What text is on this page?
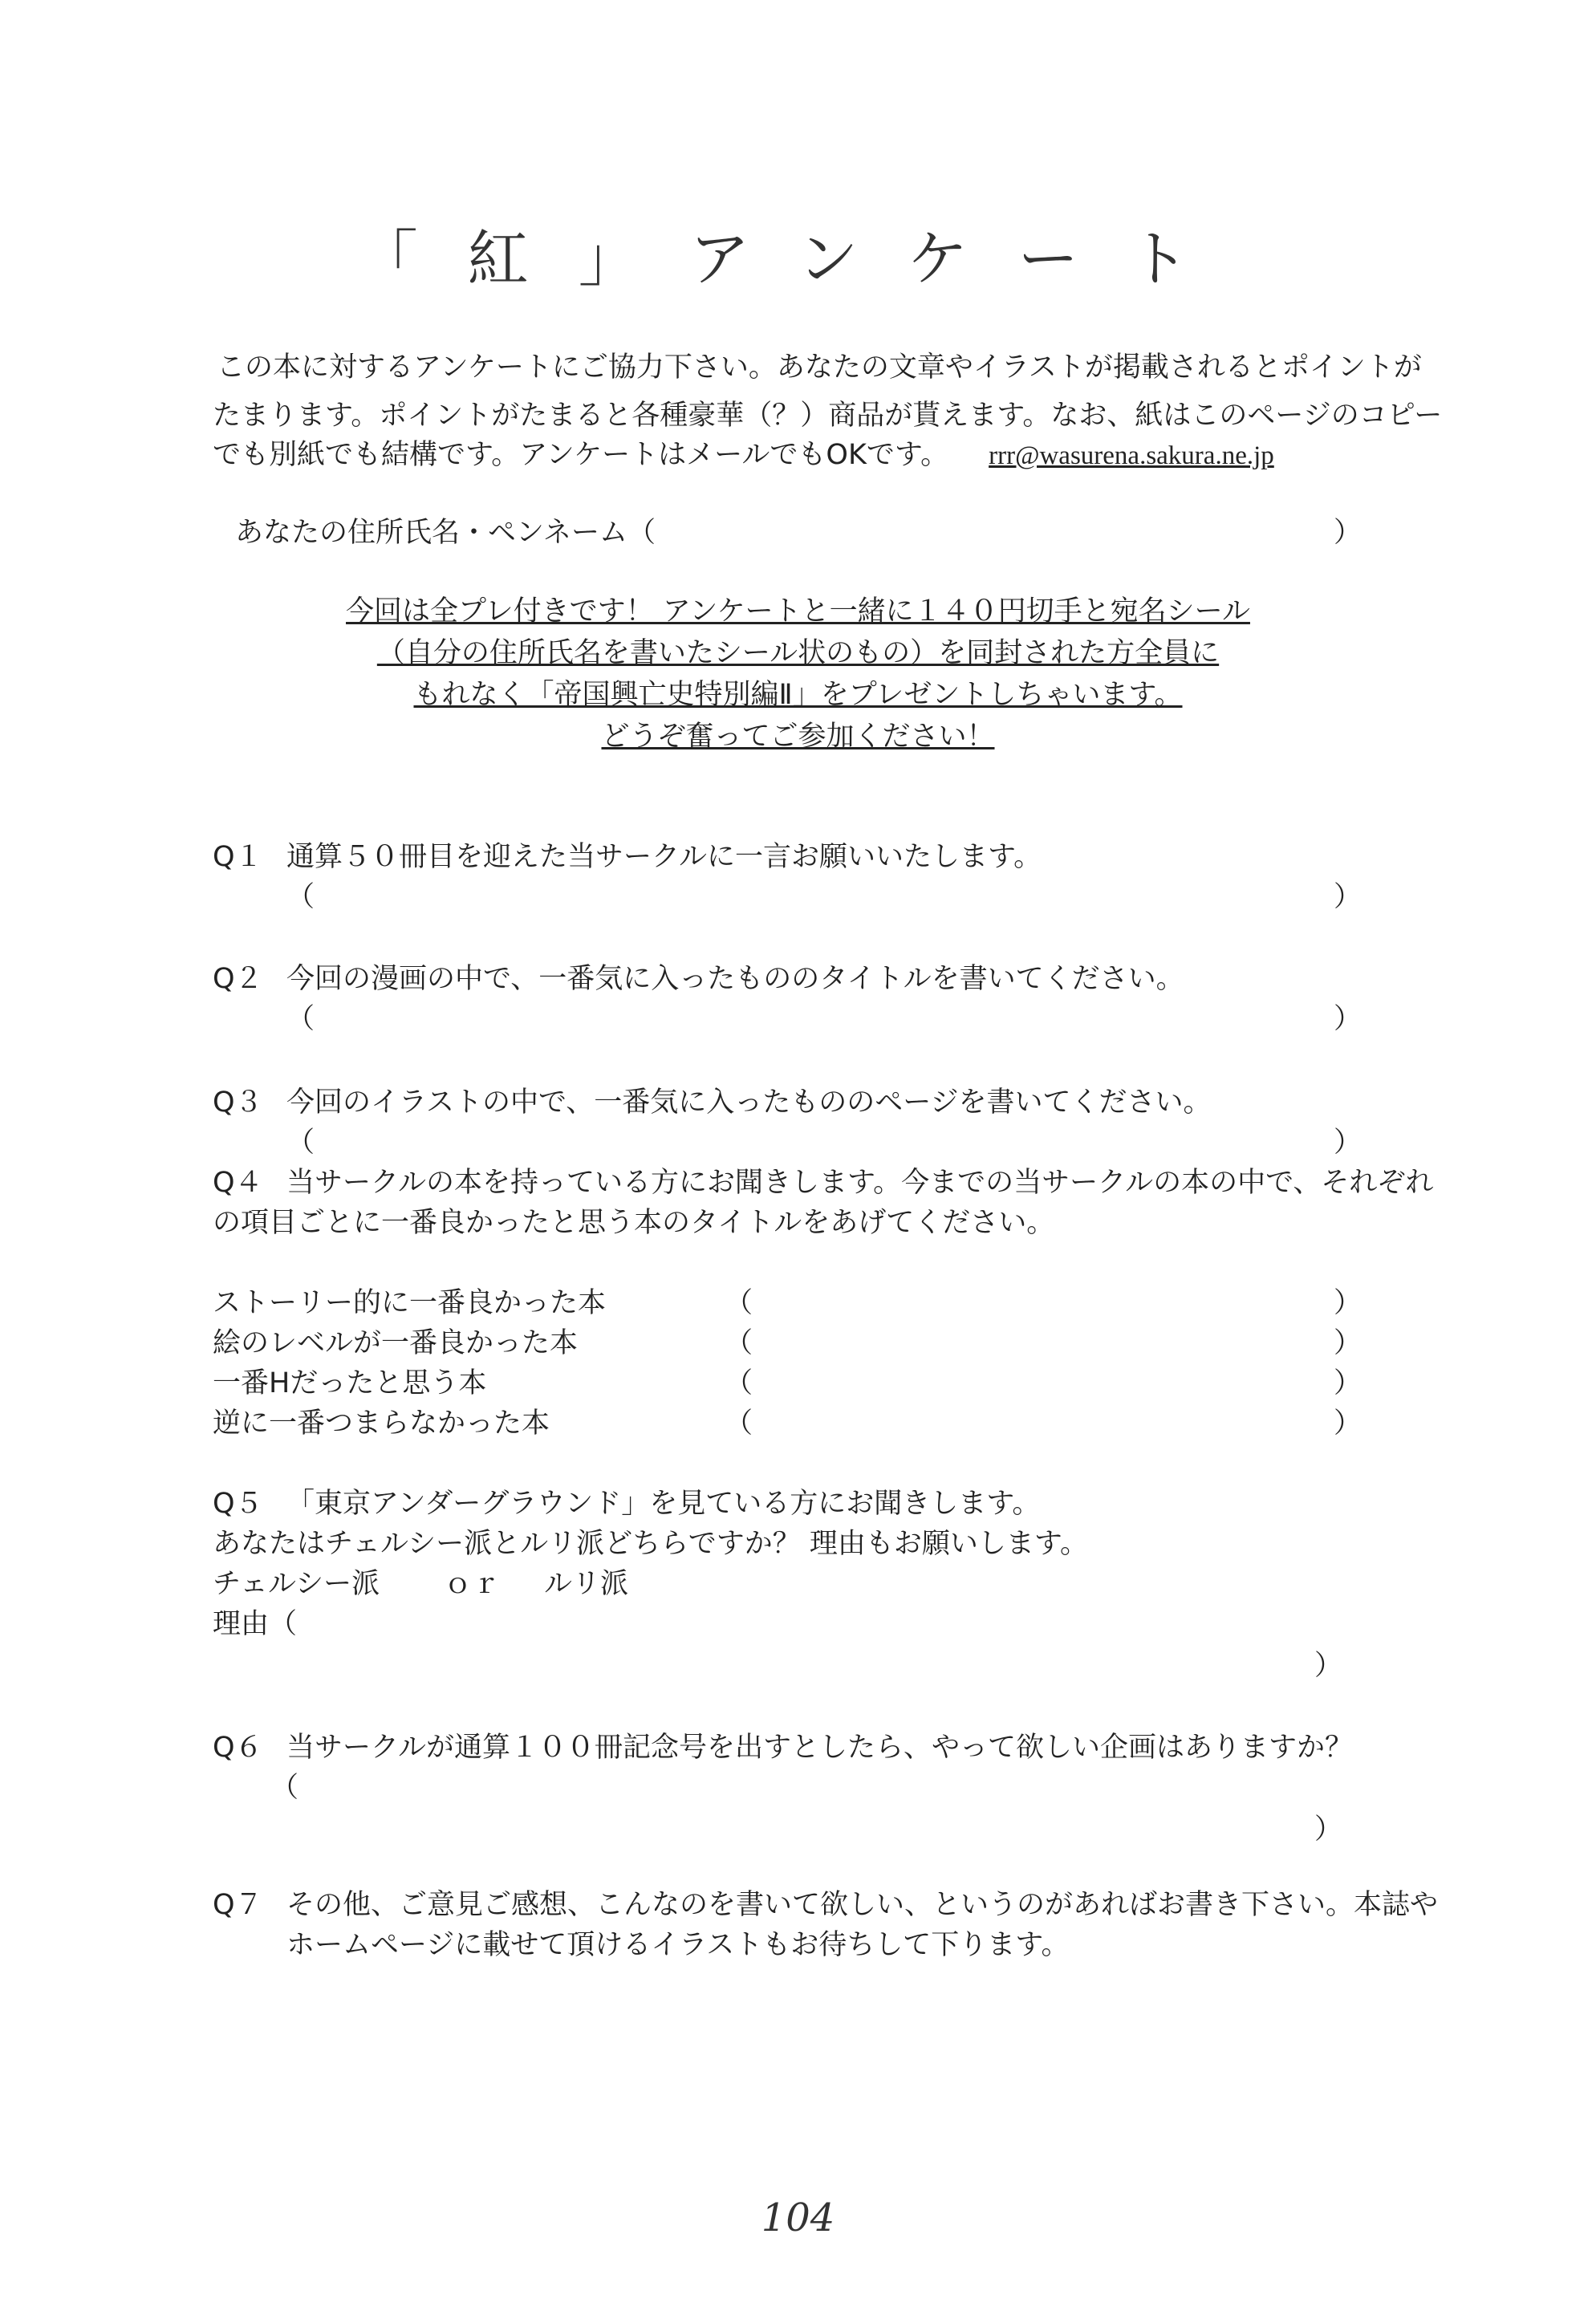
「紅」アンケート
この本に対するアンケートにご協力下さい。あなたの文章やイラストが掲載されるとポイントが
たまります。ポイントがたまると各種豪華（？）商品が貰えます。なお、紙はこのページのコピー
でも別紙でも結構です。アンケートはメールでもOKです。 rrr@wasurena.sakura.ne.jp
あなたの住所氏名・ペンネーム（	）
今回は全プレ付きです！ アンケートと一緒に１４０円切手と宛名シール
（自分の住所氏名を書いたシール状のもの）を同封された方全員に
もれなく「帝国興亡史特別編Ⅱ」をプレゼントしちゃいます。
どうぞ奮ってご参加ください！
Q１ 通算５０冊目を迎えた当サークルに一言お願いいたします。
（	）
Q２ 今回の漫画の中で、一番気に入ったもののタイトルを書いてください。
（	）
Q３ 今回のイラストの中で、一番気に入ったもののページを書いてください。
（	）
Q４ 当サークルの本を持っている方にお聞きします。今までの当サークルの本の中で、それぞれ
の項目ごとに一番良かったと思う本のタイトルをあげてください。
ストーリー的に一番良かった本	（	）
絵のレベルが一番良かった本	（	）
一番Hだったと思う本	（	）
逆に一番つまらなかった本	（	）
Q５ 「東京アンダーグラウンド」を見ている方にお聞きします。
あなたはチェルシー派とルリ派どちらですか？ 理由もお願いします。
チェルシー派 ｏｒ ルリ派
理由（
）
Q６ 当サークルが通算１００冊記念号を出すとしたら、やって欲しい企画はありますか？
（
）
Q７ その他、ご意見ご感想、こんなのを書いて欲しい、というのがあればお書き下さい。本誌や
ホームページに載せて頂けるイラストもお待ちして下ります。
104
